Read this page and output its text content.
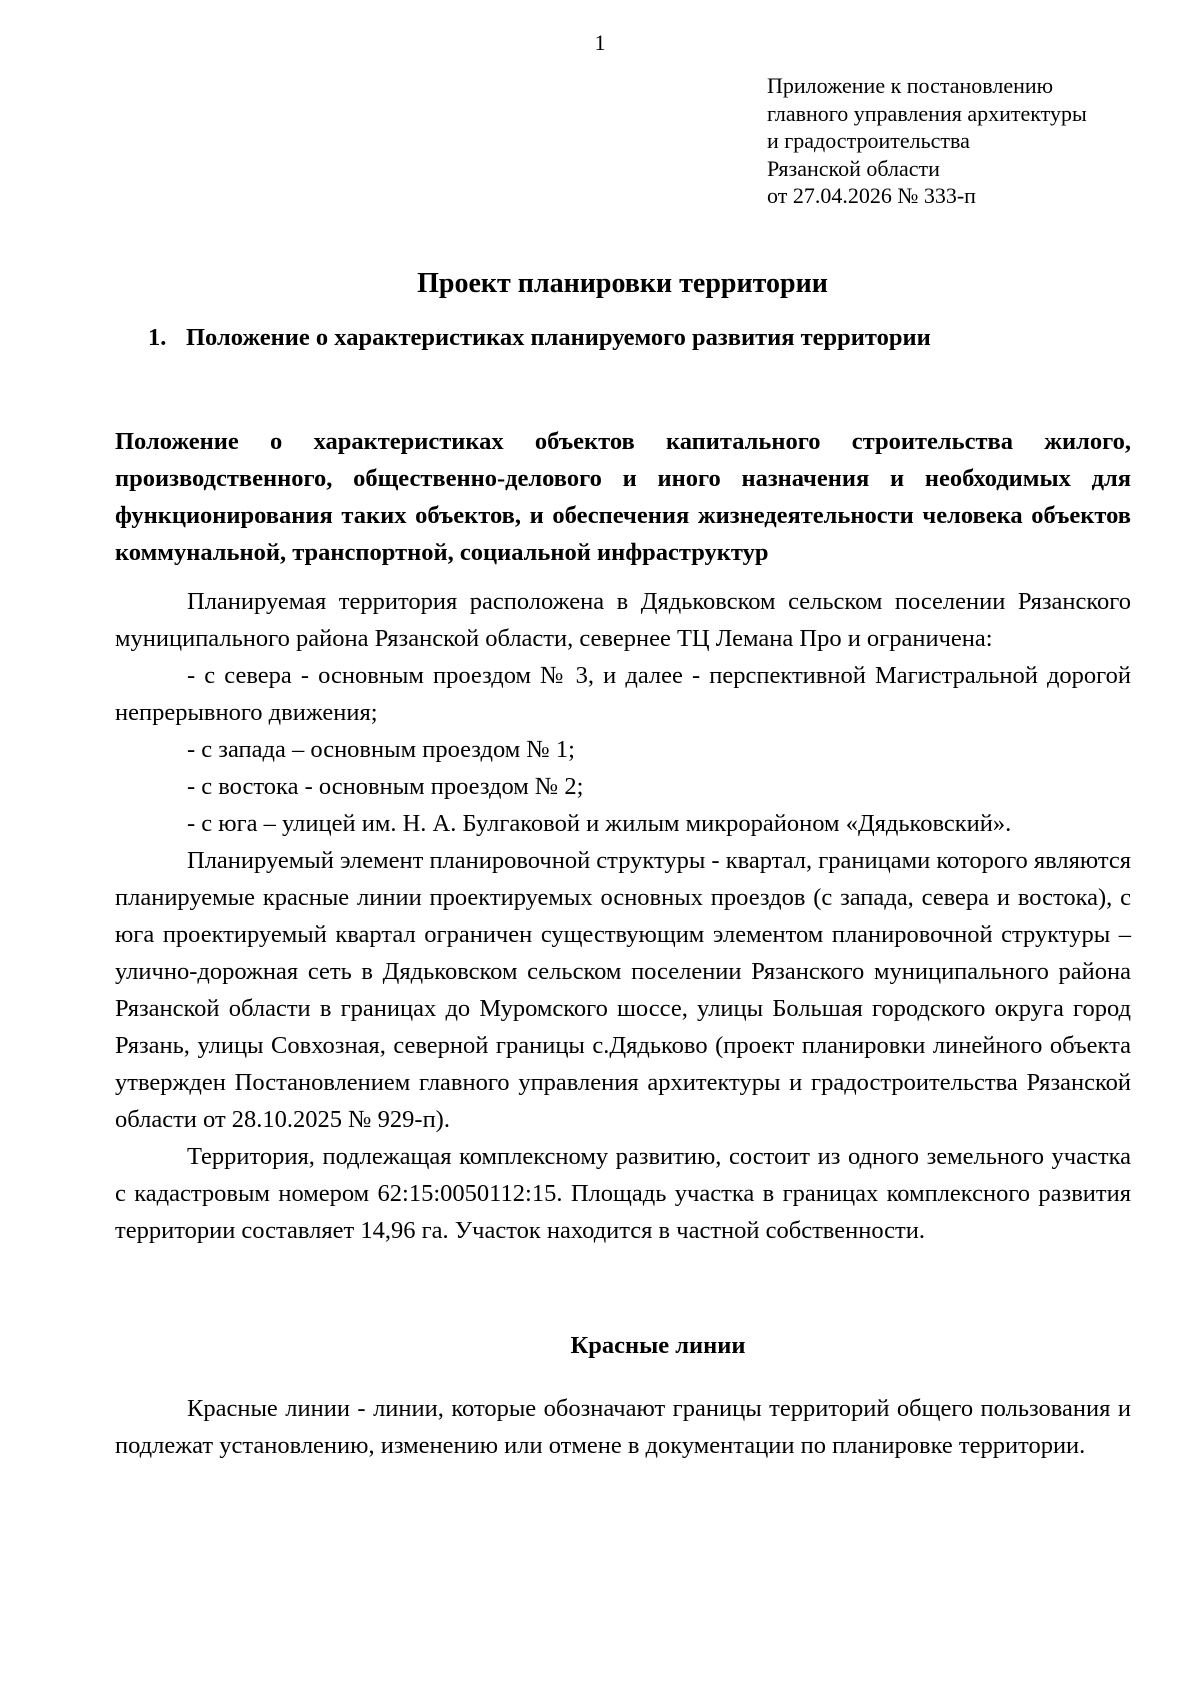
1
Приложение к постановлению
главного управления архитектуры
и градостроительства
Рязанской области
от 27.04.2026 № 333-п
Проект планировки территории
1. Положение о характеристиках планируемого развития территории
Положение о характеристиках объектов капитального строительства жилого, производственного, общественно-делового и иного назначения и необходимых для функционирования таких объектов, и обеспечения жизнедеятельности человека объектов коммунальной, транспортной, социальной инфраструктур

Планируемая территория расположена в Дядьковском сельском поселении Рязанского муниципального района Рязанской области, севернее ТЦ Лемана Про и ограничена:

- с севера - основным проездом № 3, и далее - перспективной Магистральной дорогой непрерывного движения;

- с запада – основным проездом № 1;

- с востока - основным проездом № 2;

- с юга – улицей им. Н. А. Булгаковой и жилым микрорайоном «Дядьковский».

Планируемый элемент планировочной структуры - квартал, границами которого являются планируемые красные линии проектируемых основных проездов (с запада, севера и востока), с юга проектируемый квартал ограничен существующим элементом планировочной структуры – улично-дорожная сеть в Дядьковском сельском поселении Рязанского муниципального района Рязанской области в границах до Муромского шоссе, улицы Большая городского округа город Рязань, улицы Совхозная, северной границы с.Дядьково (проект планировки линейного объекта утвержден Постановлением главного управления архитектуры и градостроительства Рязанской области от 28.10.2025 № 929-п).

Территория, подлежащая комплексному развитию, состоит из одного земельного участка с кадастровым номером 62:15:0050112:15. Площадь участка в границах комплексного развития территории составляет 14,96 га. Участок находится в частной собственности.

Красные линии

Красные линии - линии, которые обозначают границы территорий общего пользования и подлежат установлению, изменению или отмене в документации по планировке территории.
